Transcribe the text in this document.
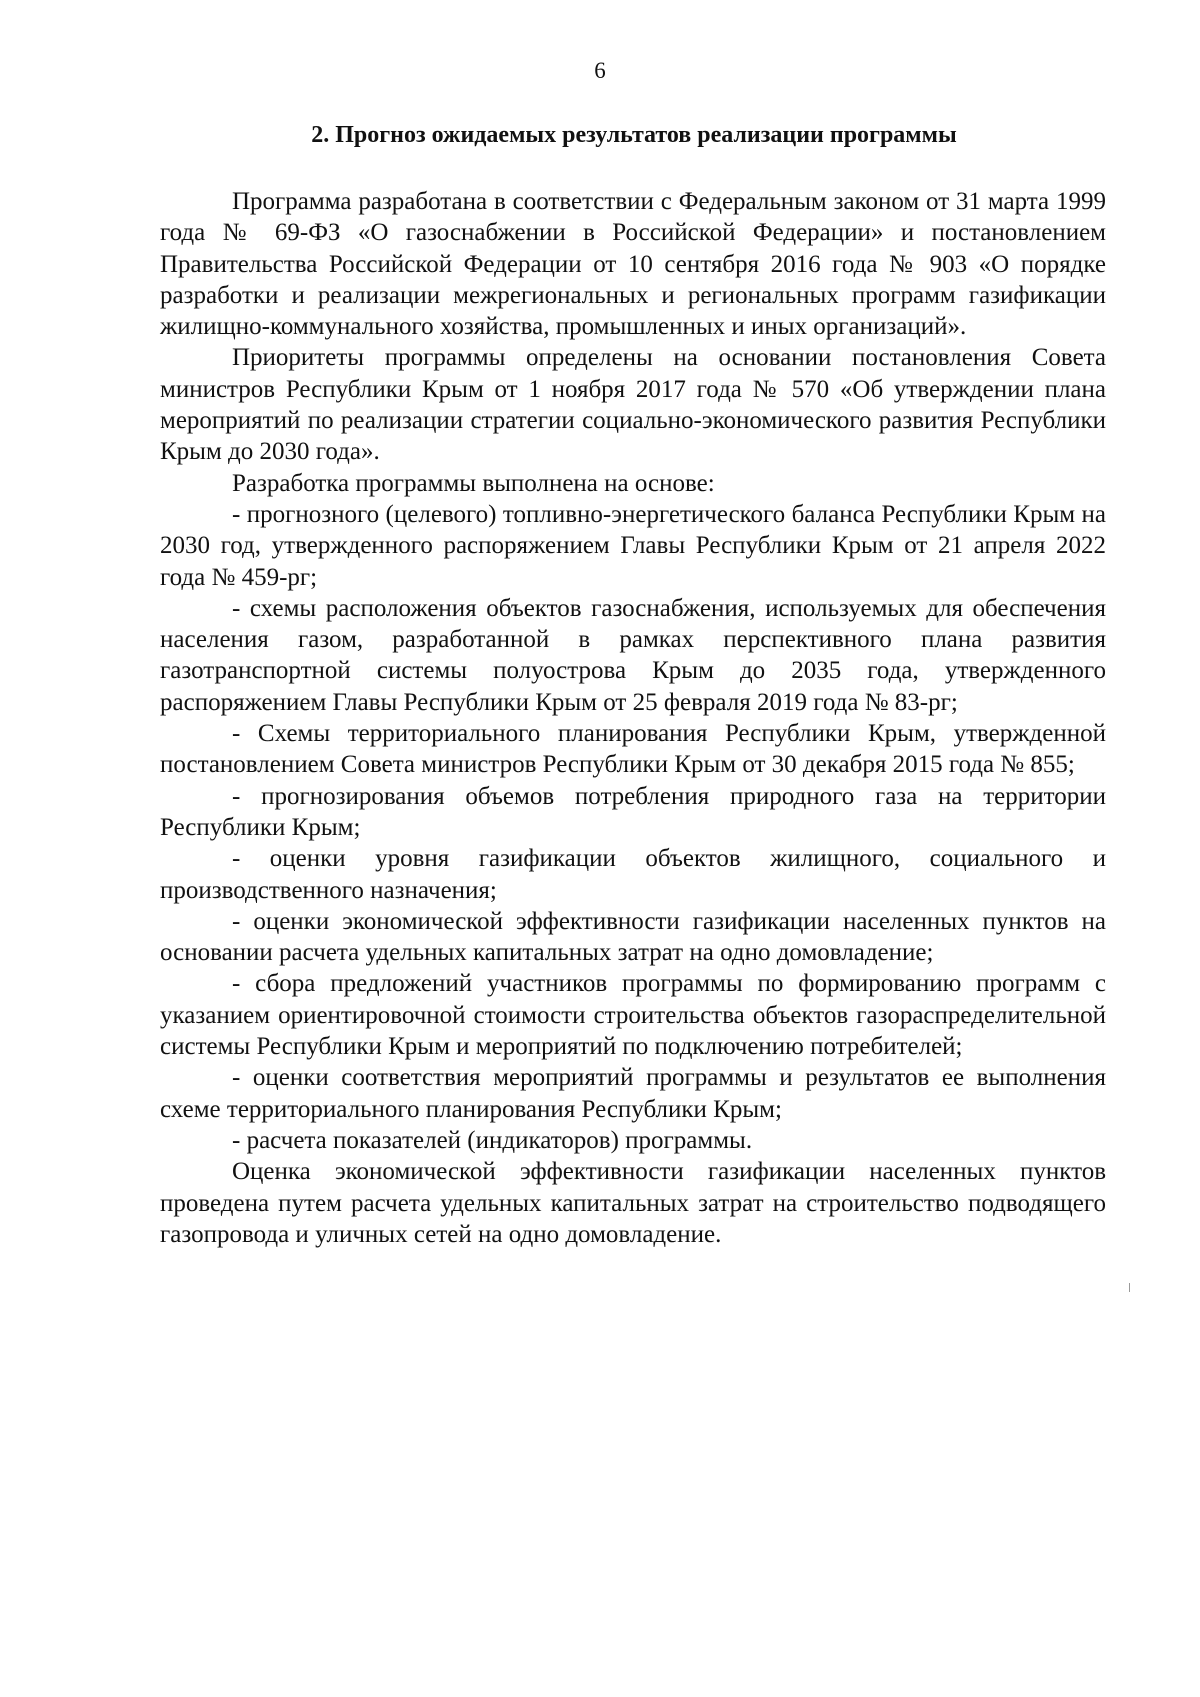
6
2. Прогноз ожидаемых результатов реализации программы

Программа разработана в соответствии с Федеральным законом от 31 марта 1999 года № 69-ФЗ «О газоснабжении в Российской Федерации» и постановлением Правительства Российской Федерации от 10 сентября 2016 года № 903 «О порядке разработки и реализации межрегиональных и региональных программ газификации жилищно-коммунального хозяйства, промышленных и иных организаций».

Приоритеты программы определены на основании постановления Совета министров Республики Крым от 1 ноября 2017 года № 570 «Об утверждении плана мероприятий по реализации стратегии социально-экономического развития Республики Крым до 2030 года».

Разработка программы выполнена на основе:

- прогнозного (целевого) топливно-энергетического баланса Республики Крым на 2030 год, утвержденного распоряжением Главы Республики Крым от 21 апреля 2022 года № 459-рг;

- схемы расположения объектов газоснабжения, используемых для обеспечения населения газом, разработанной в рамках перспективного плана развития газотранспортной системы полуострова Крым до 2035 года, утвержденного распоряжением Главы Республики Крым от 25 февраля 2019 года № 83-рг;

- Схемы территориального планирования Республики Крым, утвержденной постановлением Совета министров Республики Крым от 30 декабря 2015 года № 855;

- прогнозирования объемов потребления природного газа на территории Республики Крым;

- оценки уровня газификации объектов жилищного, социального и производственного назначения;

- оценки экономической эффективности газификации населенных пунктов на основании расчета удельных капитальных затрат на одно домовладение;

- сбора предложений участников программы по формированию программ с указанием ориентировочной стоимости строительства объектов газораспределительной системы Республики Крым и мероприятий по подключению потребителей;

- оценки соответствия мероприятий программы и результатов ее выполнения схеме территориального планирования Республики Крым;

- расчета показателей (индикаторов) программы.

Оценка экономической эффективности газификации населенных пунктов проведена путем расчета удельных капитальных затрат на строительство подводящего газопровода и уличных сетей на одно домовладение.
